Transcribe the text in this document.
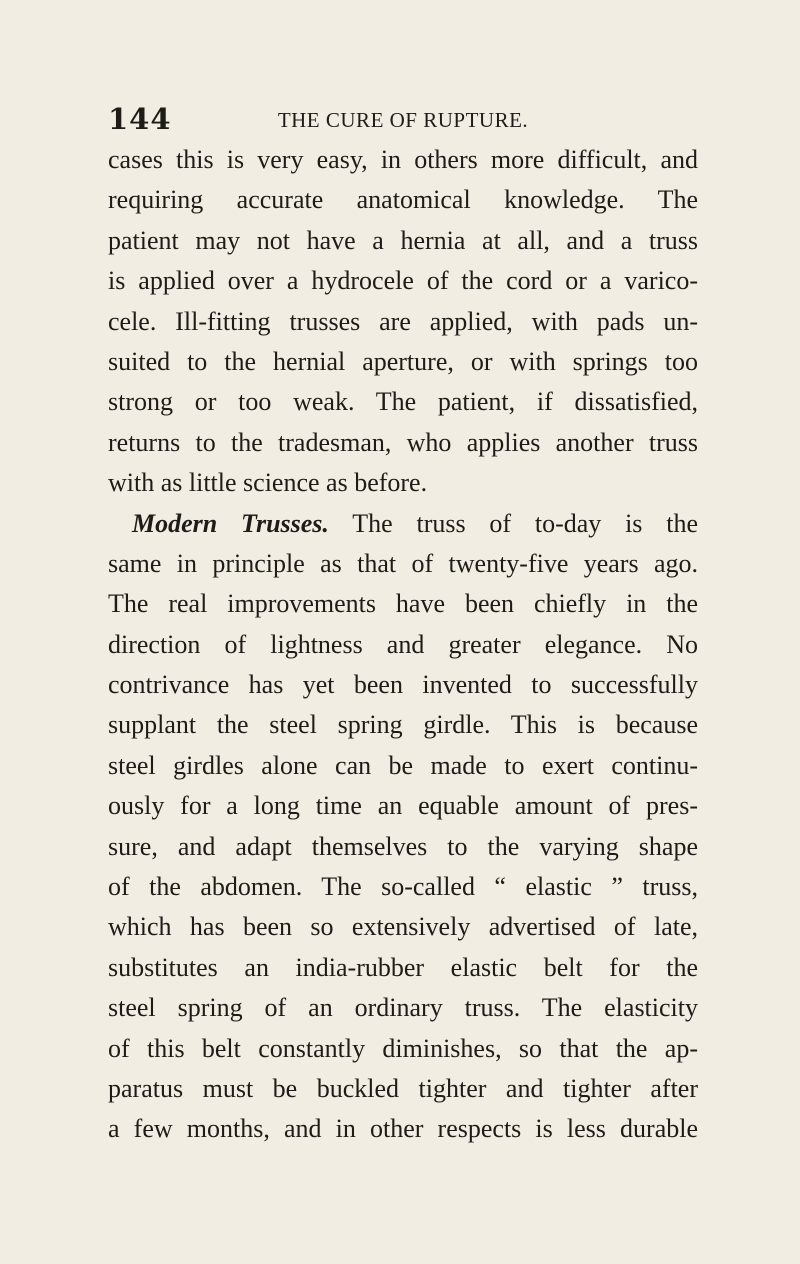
144	THE CURE OF RUPTURE.
cases this is very easy, in others more difficult, and
requiring accurate anatomical knowledge. The
patient may not have a hernia at all, and a truss
is applied over a hydrocele of the cord or a varico-
cele. Ill-fitting trusses are applied, with pads un-
suited to the hernial aperture, or with springs too
strong or too weak. The patient, if dissatisfied,
returns to the tradesman, who applies another truss
with as little science as before.
Modern Trusses. The truss of to-day is the
same in principle as that of twenty-five years ago.
The real improvements have been chiefly in the
direction of lightness and greater elegance. No
contrivance has yet been invented to successfully
supplant the steel spring girdle. This is because
steel girdles alone can be made to exert continu-
ously for a long time an equable amount of pres-
sure, and adapt themselves to the varying shape
of the abdomen. The so-called “ elastic ” truss,
which has been so extensively advertised of late,
substitutes an india-rubber elastic belt for the
steel spring of an ordinary truss. The elasticity
of this belt constantly diminishes, so that the ap-
paratus must be buckled tighter and tighter after
a few months, and in other respects is less durable
